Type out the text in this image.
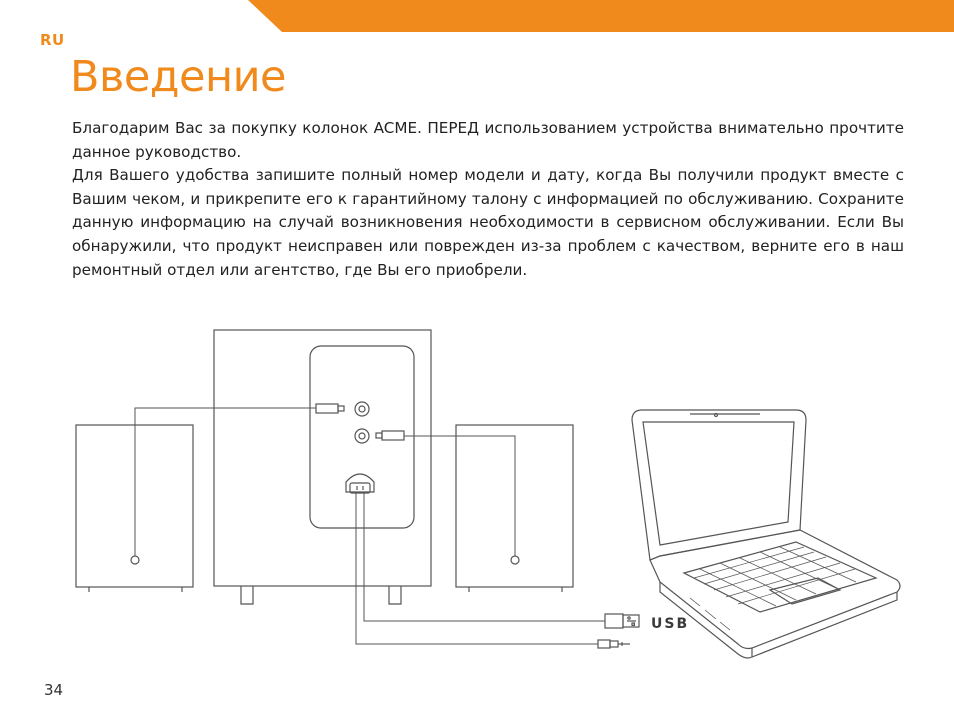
RU
Введение

Благодарим Вас за покупку колонок ACME. ПЕРЕД использованием устройства внимательно прочтите данное руководство.

Для Вашего удобства запишите полный номер модели и дату, когда Вы получили продукт вместе с Вашим чеком, и прикрепите его к гарантийному талону с информацией по обслуживанию. Сохраните данную информацию на случай возникновения необходимости в сервисном обслуживании. Если Вы обнаружили, что продукт неисправен или поврежден из-за проблем с качеством, верните его в наш ремонтный отдел или агентство, где Вы его приобрели.

USB
34
